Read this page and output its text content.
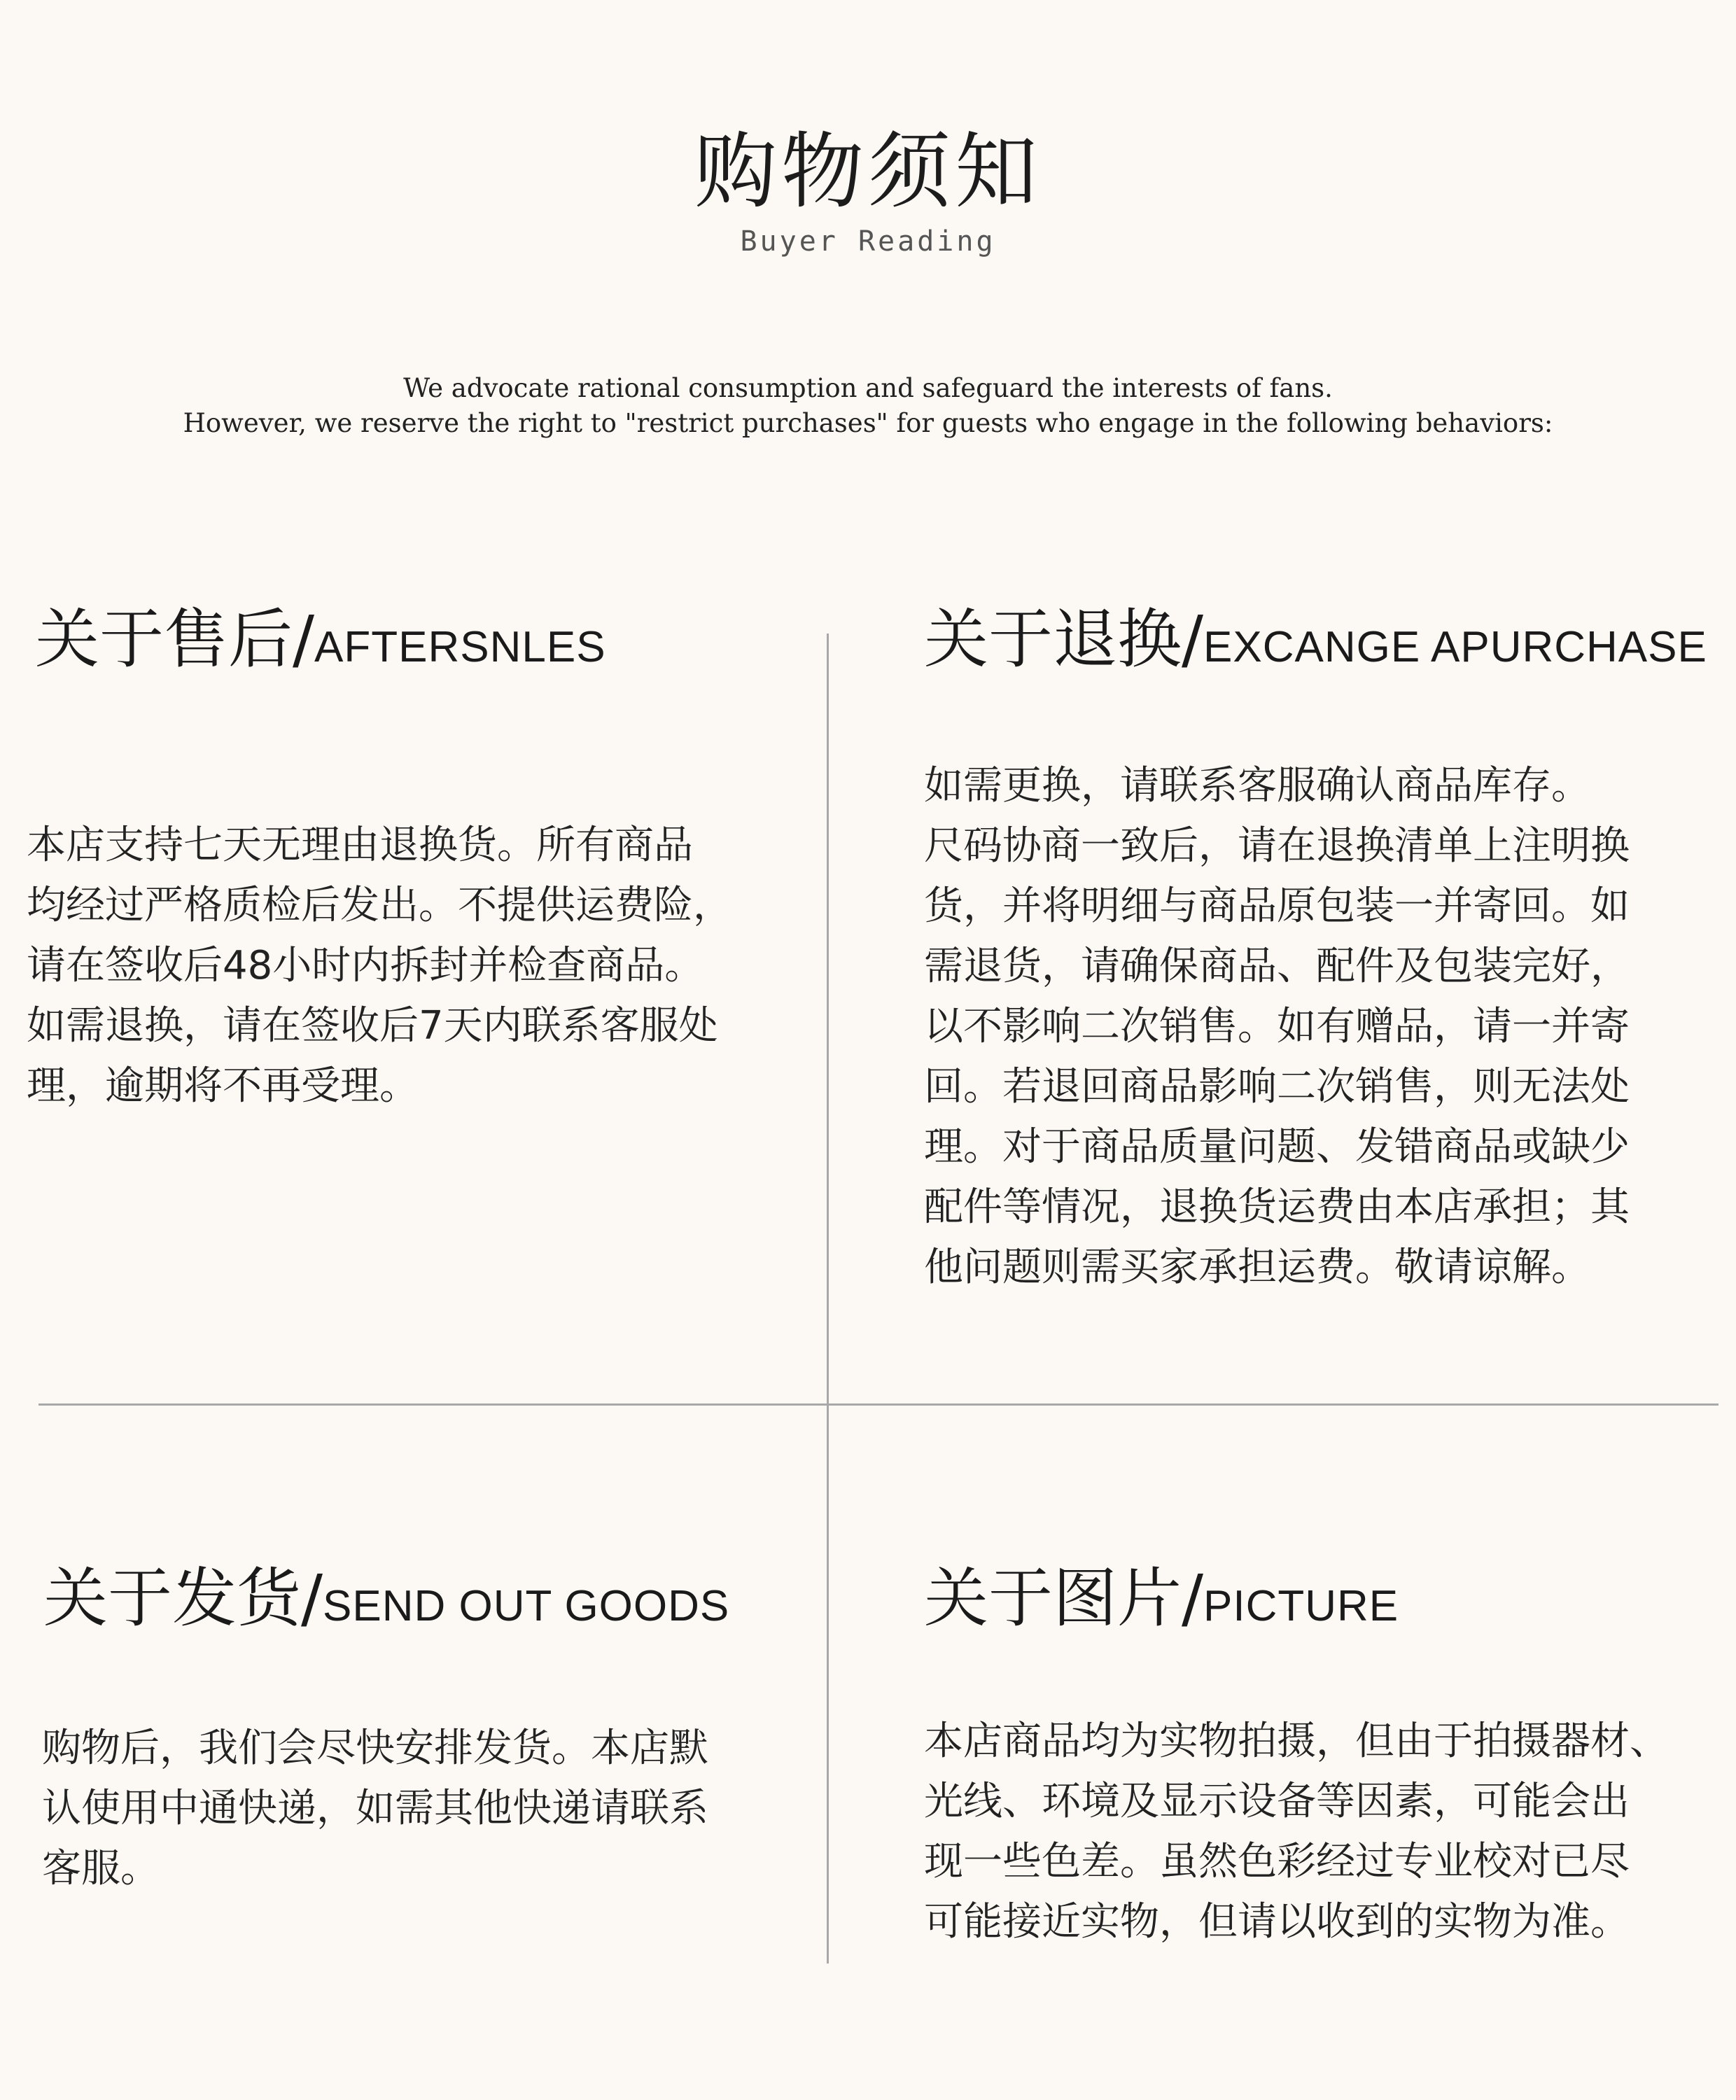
购物须知
Buyer Reading
We advocate rational consumption and safeguard the interests of fans.
However, we reserve the right to "restrict purchases" for guests who engage in the following behaviors:
关于售后/AFTERSNLES
本店支持七天无理由退换货。所有商品
均经过严格质检后发出。不提供运费险，
请在签收后48小时内拆封并检查商品。
如需退换，请在签收后7天内联系客服处
理，逾期将不再受理。
关于退换/EXCANGE APURCHASE
如需更换，请联系客服确认商品库存。
尺码协商一致后，请在退换清单上注明换
货，并将明细与商品原包装一并寄回。如
需退货，请确保商品、配件及包装完好，
以不影响二次销售。如有赠品，请一并寄
回。若退回商品影响二次销售，则无法处
理。对于商品质量问题、发错商品或缺少
配件等情况，退换货运费由本店承担；其
他问题则需买家承担运费。敬请谅解。
关于发货/SEND OUT GOODS
购物后，我们会尽快安排发货。本店默
认使用中通快递，如需其他快递请联系
客服。
关于图片/PICTURE
本店商品均为实物拍摄，但由于拍摄器材、
光线、环境及显示设备等因素，可能会出
现一些色差。虽然色彩经过专业校对已尽
可能接近实物，但请以收到的实物为准。
